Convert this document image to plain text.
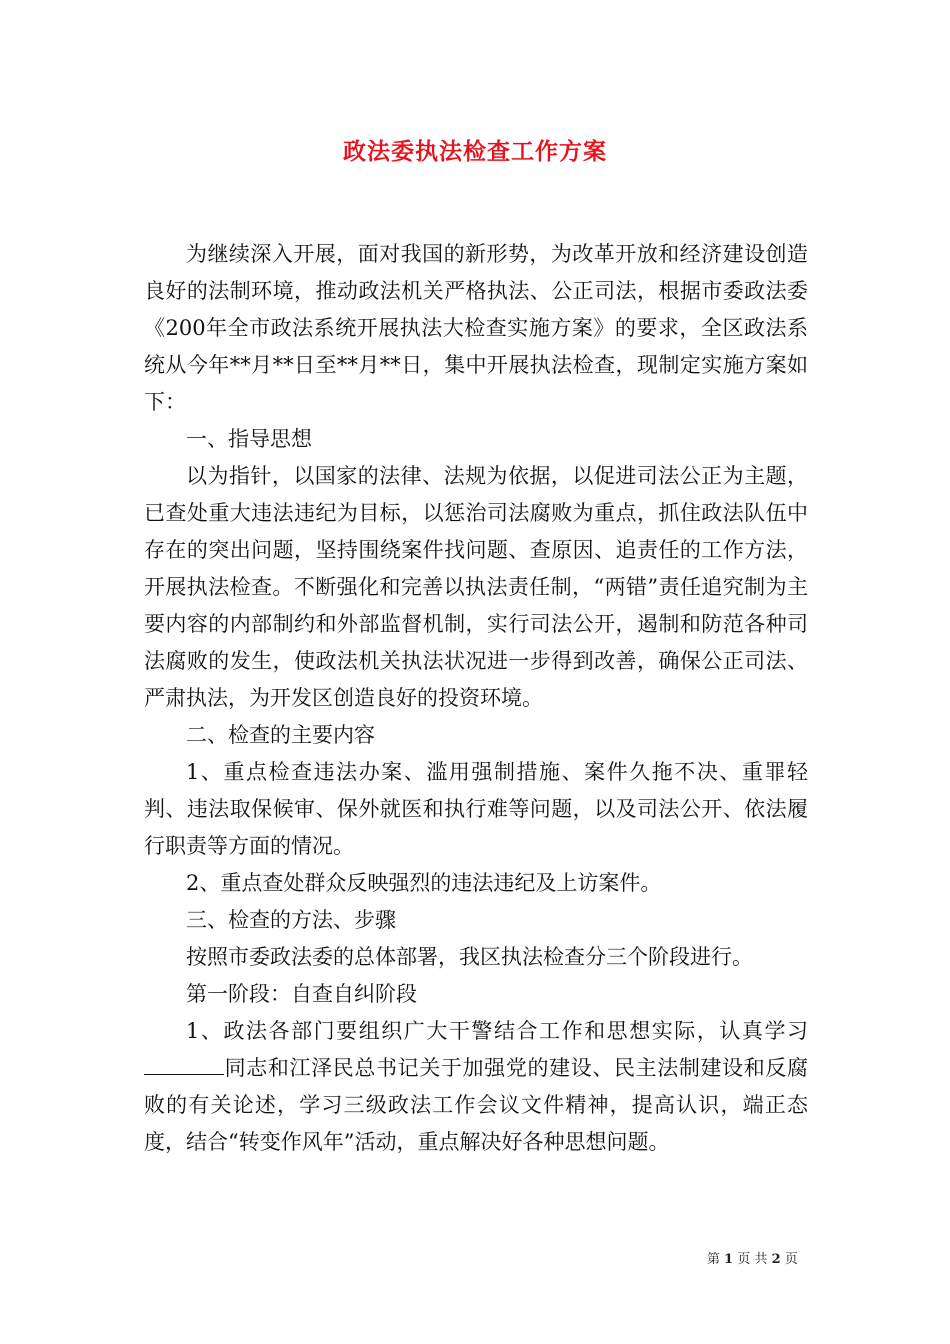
政法委执法检查工作方案

为继续深入开展，面对我国的新形势，为改革开放和经济建设创造良好的法制环境，推动政法机关严格执法、公正司法，根据市委政法委《200年全市政法系统开展执法大检查实施方案》的要求，全区政法系统从今年**月**日至**月**日，集中开展执法检查，现制定实施方案如下：

一、指导思想

以为指针，以国家的法律、法规为依据，以促进司法公正为主题，已查处重大违法违纪为目标，以惩治司法腐败为重点，抓住政法队伍中存在的突出问题，坚持围绕案件找问题、查原因、追责任的工作方法，开展执法检查。不断强化和完善以执法责任制，“两错”责任追究制为主要内容的内部制约和外部监督机制，实行司法公开，遏制和防范各种司法腐败的发生，使政法机关执法状况进一步得到改善，确保公正司法、严肃执法，为开发区创造良好的投资环境。

二、检查的主要内容

1、重点检查违法办案、滥用强制措施、案件久拖不决、重罪轻判、违法取保候审、保外就医和执行难等问题，以及司法公开、依法履行职责等方面的情况。

2、重点查处群众反映强烈的违法违纪及上访案件。

三、检查的方法、步骤

按照市委政法委的总体部署，我区执法检查分三个阶段进行。

第一阶段：自查自纠阶段

1、政法各部门要组织广大干警结合工作和思想实际，认真学习同志和江泽民总书记关于加强党的建设、民主法制建设和反腐败的有关论述，学习三级政法工作会议文件精神，提高认识，端正态度，结合“转变作风年”活动，重点解决好各种思想问题。

第 1 页 共 2 页
